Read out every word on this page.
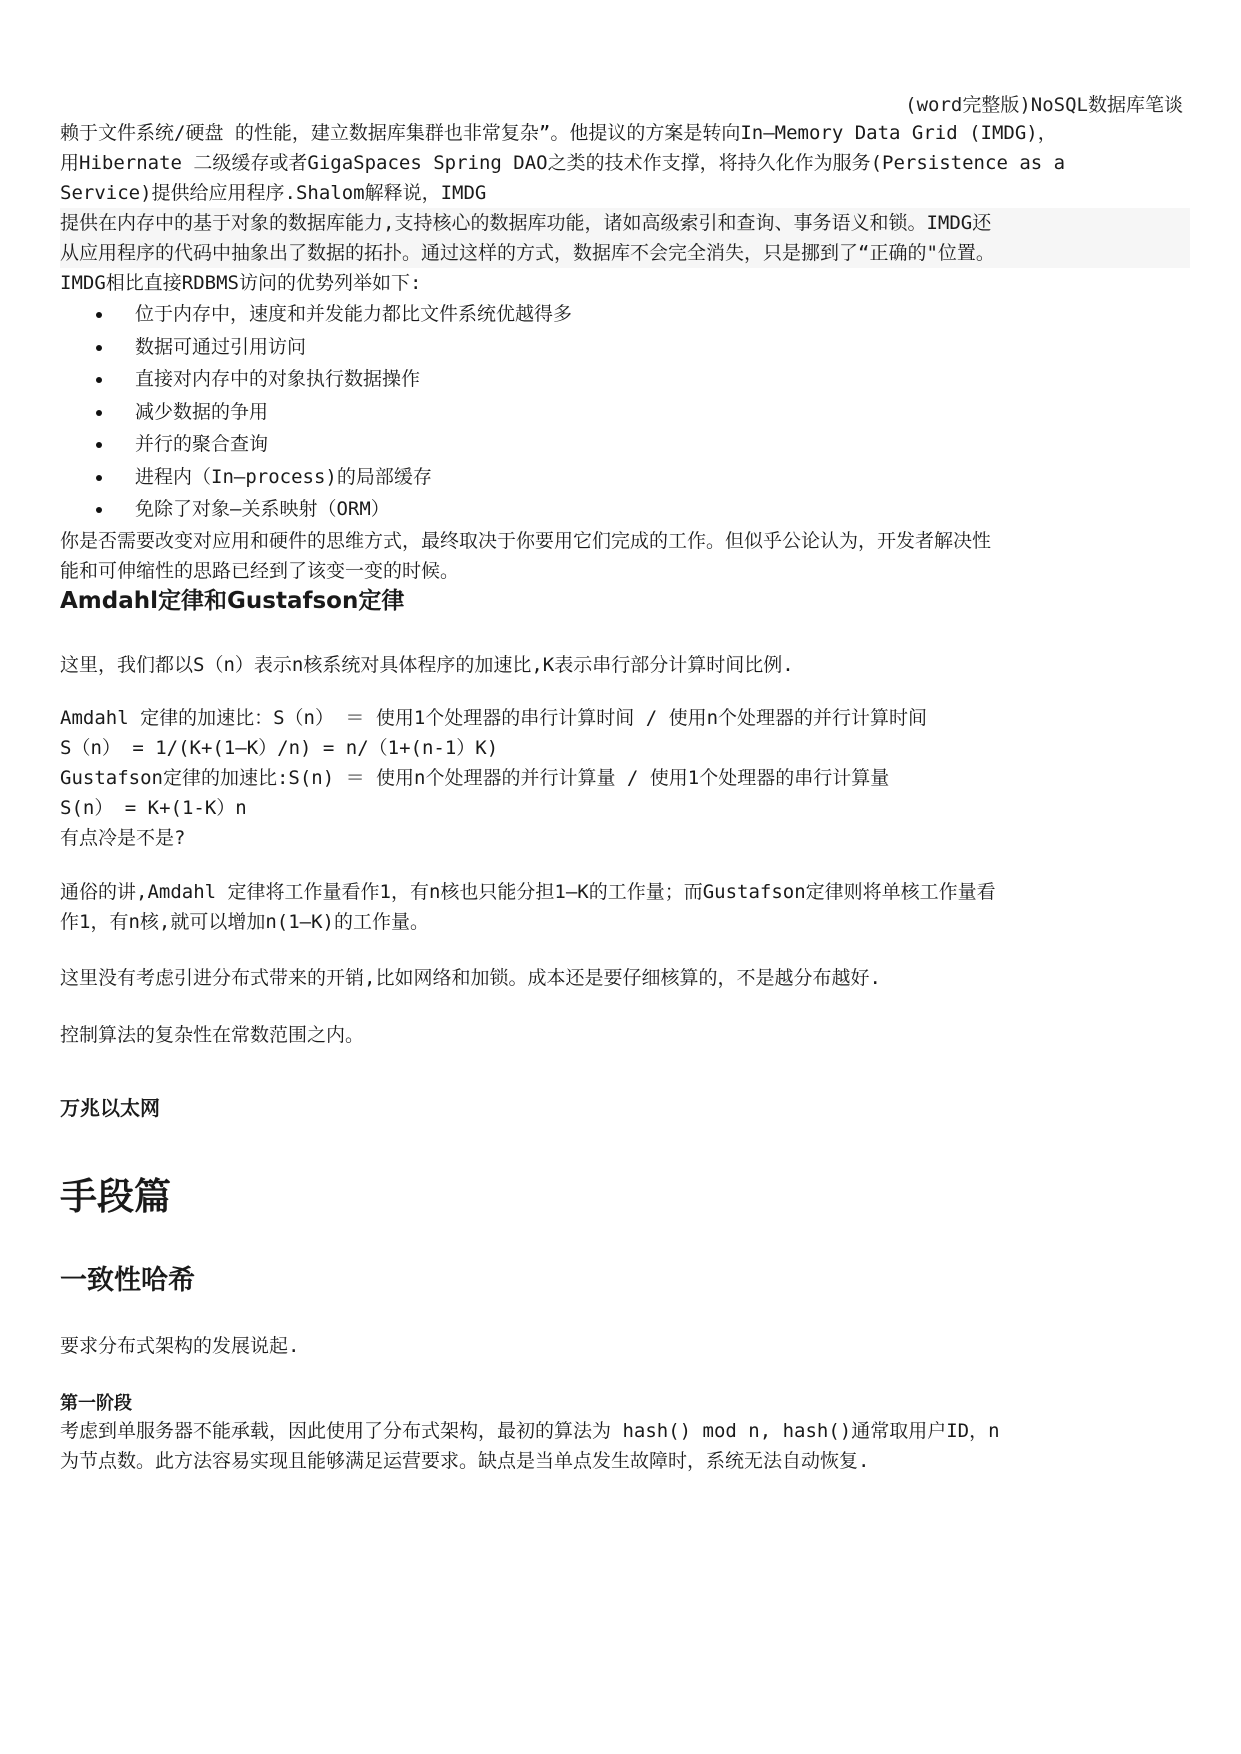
(word完整版)NoSQL数据库笔谈

赖于文件系统/硬盘 的性能，建立数据库集群也非常复杂”。他提议的方案是转向In—Memory Data Grid (IMDG)，

用Hibernate 二级缓存或者GigaSpaces Spring DAO之类的技术作支撑，将持久化作为服务(Persistence as a

Service)提供给应用程序.Shalom解释说，IMDG

提供在内存中的基于对象的数据库能力,支持核心的数据库功能，诸如高级索引和查询、事务语义和锁。IMDG还

从应用程序的代码中抽象出了数据的拓扑。通过这样的方式，数据库不会完全消失，只是挪到了“正确的"位置。

IMDG相比直接RDBMS访问的优势列举如下:

位于内存中，速度和并发能力都比文件系统优越得多
数据可通过引用访问
直接对内存中的对象执行数据操作
减少数据的争用
并行的聚合查询
进程内（In—process)的局部缓存
免除了对象—关系映射（ORM）

你是否需要改变对应用和硬件的思维方式，最终取决于你要用它们完成的工作。但似乎公论认为，开发者解决性

能和可伸缩性的思路已经到了该变一变的时候。

Amdahl定律和Gustafson定律

这里，我们都以S（n）表示n核系统对具体程序的加速比,K表示串行部分计算时间比例.

Amdahl 定律的加速比：S（n） ＝ 使用1个处理器的串行计算时间 / 使用n个处理器的并行计算时间

S（n） = 1/(K+(1—K）/n) = n/（1+(n-1）K)

Gustafson定律的加速比:S(n) ＝ 使用n个处理器的并行计算量 / 使用1个处理器的串行计算量

S(n） = K+(1-K）n

有点冷是不是?

通俗的讲,Amdahl 定律将工作量看作1，有n核也只能分担1—K的工作量；而Gustafson定律则将单核工作量看

作1，有n核,就可以增加n(1—K)的工作量。

这里没有考虑引进分布式带来的开销,比如网络和加锁。成本还是要仔细核算的，不是越分布越好.

控制算法的复杂性在常数范围之内。

万兆以太网
手段篇
一致性哈希

要求分布式架构的发展说起.

第一阶段

考虑到单服务器不能承载，因此使用了分布式架构，最初的算法为 hash() mod n, hash()通常取用户ID，n

为节点数。此方法容易实现且能够满足运营要求。缺点是当单点发生故障时，系统无法自动恢复.
